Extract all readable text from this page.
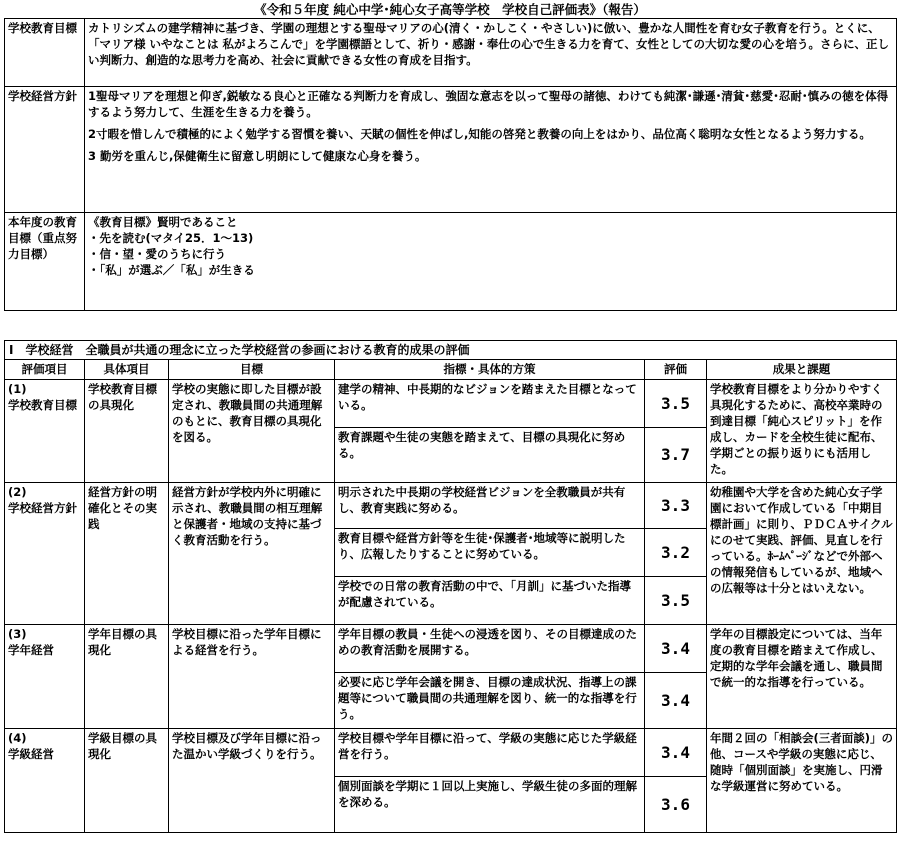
《令和５年度 純心中学･純心女子高等学校　学校自己評価表》（報告）
学校教育目標	カトリシズムの建学精神に基づき、学園の理想とする聖母マリアの心(清く・かしこく・やさしい)に倣い、豊かな人間性を育む女子教育を行う。とくに、「マリア様 いやなことは 私がよろこんで」を学園標語として、祈り・感謝・奉仕の心で生きる力を育て、女性としての大切な愛の心を培う。さらに、正しい判断力、創造的な思考力を高め、社会に貢献できる女性の育成を目指す。

学校経営方針	1聖母マリアを理想と仰ぎ,鋭敏なる良心と正確なる判断力を育成し、強固な意志を以って聖母の諸徳、わけても純潔･謙遜･清貧･慈愛･忍耐･慎みの徳を体得するよう努力して、生涯を生きる力を養う。

2寸暇を惜しんで積極的によく勉学する習慣を養い、天賦の個性を伸ばし,知能の啓発と教養の向上をはかり、品位高く聡明な女性となるよう努力する。

3 勤労を重んじ,保健衛生に留意し明朗にして健康な心身を養う。

本年度の教育目標（重点努力目標）	《教育目標》賢明であること
・先を読む(マタイ25．1～13)
・信・望・愛のうちに行う
・「私」が選ぶ／「私」が生きる
Ⅰ　学校経営　全職員が共通の理念に立った学校経営の参画における教育的成果の評価					
評価項目	具体項目	目標	指標・具体的方策	評価	成果と課題
(1)
学校教育目標	学校教育目標の具現化	学校の実態に即した目標が設定され、教職員間の共通理解のもとに、教育目標の具現化を図る。	建学の精神、中長期的なビジョンを踏まえた目標となっている。	3.5	学校教育目標をより分かりやすく具現化するために、高校卒業時の到達目標「純心スピリット」を作成し、カードを全校生徒に配布、学期ごとの振り返りにも活用した。
			教育課題や生徒の実態を踏まえて、目標の具現化に努める。	3.7	
(2)
学校経営方針	経営方針の明確化とその実践	経営方針が学校内外に明確に示され、教職員間の相互理解と保護者・地域の支持に基づく教育活動を行う。	明示された中長期の学校経営ビジョンを全教職員が共有し、教育実践に努める。	3.3	幼稚園や大学を含めた純心女子学園において作成している「中期目標計画」に則り、ＰＤＣＡサイクルにのせて実践、評価、見直しを行っている。ﾎｰﾑﾍﾟｰｼﾞなどで外部への情報発信もしているが、地域への広報等は十分とはいえない。
			教育目標や経営方針等を生徒･保護者･地域等に説明したり、広報したりすることに努めている。	3.2	
			学校での日常の教育活動の中で、「月訓」に基づいた指導が配慮されている。	3.5	
(3)
学年経営	学年目標の具現化	学校目標に沿った学年目標による経営を行う。	学年目標の教員・生徒への浸透を図り、その目標達成のための教育活動を展開する。	3.4	学年の目標設定については、当年度の教育目標を踏まえて作成し、定期的な学年会議を通し、職員間で統一的な指導を行っている。
			必要に応じ学年会議を開き、目標の達成状況、指導上の課題等について職員間の共通理解を図り、統一的な指導を行う。	3.4	
(4)
学級経営	学級目標の具現化	学校目標及び学年目標に沿った温かい学級づくりを行う。	学校目標や学年目標に沿って、学級の実態に応じた学級経営を行う。	3.4	年間２回の「相談会(三者面談)」の他、コースや学級の実態に応じ、随時「個別面談」を実施し、円滑な学級運営に努めている。
			個別面談を学期に１回以上実施し、学級生徒の多面的理解を深める。	3.6	
